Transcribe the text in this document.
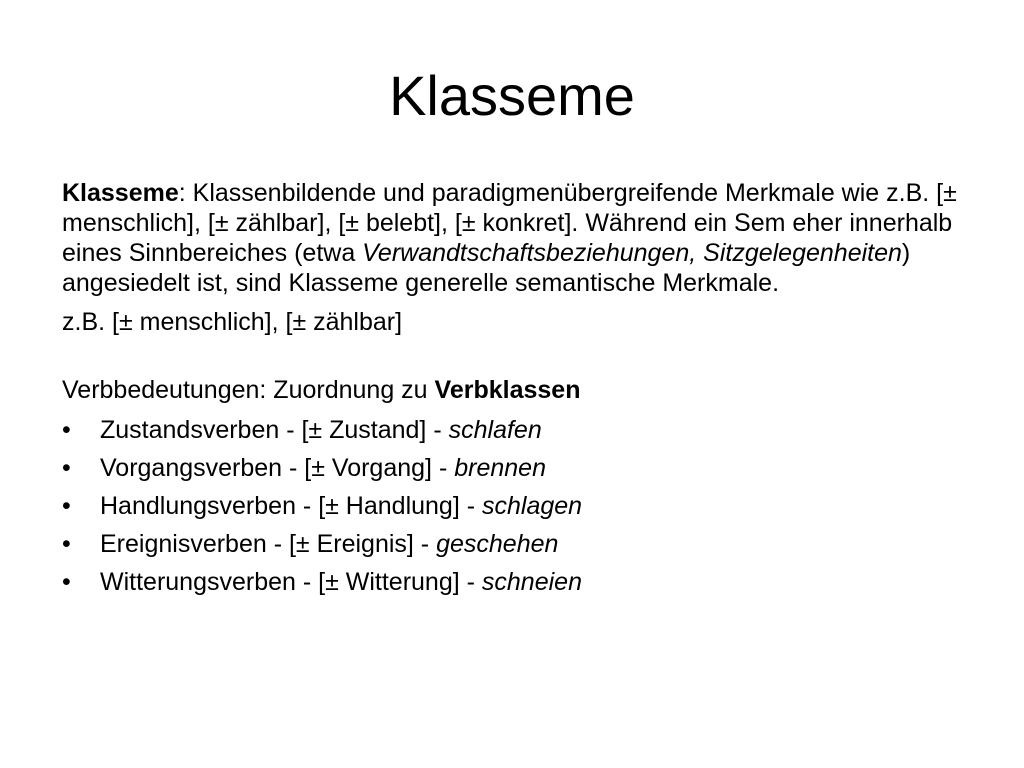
Klasseme

Klasseme: Klassenbildende und paradigmenübergreifende Merkmale wie z.B. [± menschlich], [± zählbar], [± belebt], [± konkret]. Während ein Sem eher innerhalb eines Sinnbereiches (etwa Verwandtschaftsbeziehungen, Sitzgelegenheiten) angesiedelt ist, sind Klasseme generelle semantische Merkmale.

z.B. [± menschlich], [± zählbar]

Verbbedeutungen: Zuordnung zu Verbklassen

•	Zustandsverben - [± Zustand] - schlafen
•	Vorgangsverben - [± Vorgang] - brennen
•	Handlungsverben - [± Handlung] - schlagen
•	Ereignisverben - [± Ereignis] - geschehen
•	Witterungsverben - [± Witterung] - schneien
